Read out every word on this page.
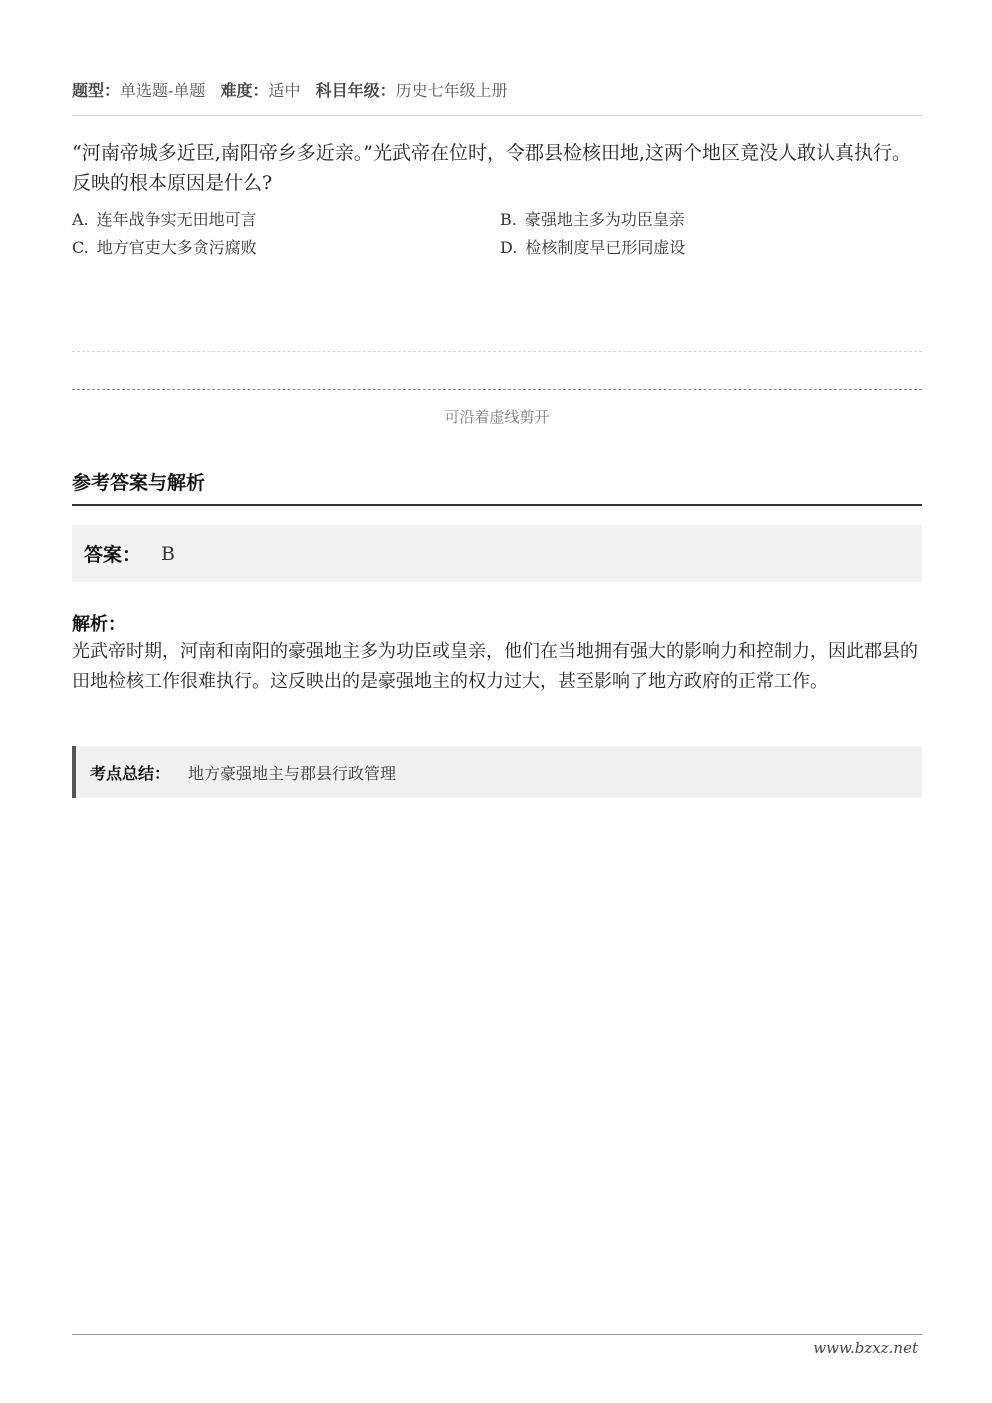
题型：单选题-单题 难度：适中 科目年级：历史七年级上册
“河南帝城多近臣,南阳帝乡多近亲。”光武帝在位时，令郡县检核田地,这两个地区竟没人敢认真执行。反映的根本原因是什么?
A. 连年战争实无田地可言	B. 豪强地主多为功臣皇亲
C. 地方官吏大多贪污腐败	D. 检核制度早已形同虚设
可沿着虚线剪开
参考答案与解析
答案： B
解析：
光武帝时期，河南和南阳的豪强地主多为功臣或皇亲，他们在当地拥有强大的影响力和控制力，因此郡县的田地检核工作很难执行。这反映出的是豪强地主的权力过大，甚至影响了地方政府的正常工作。
考点总结： 地方豪强地主与郡县行政管理
www.bzxz.net
